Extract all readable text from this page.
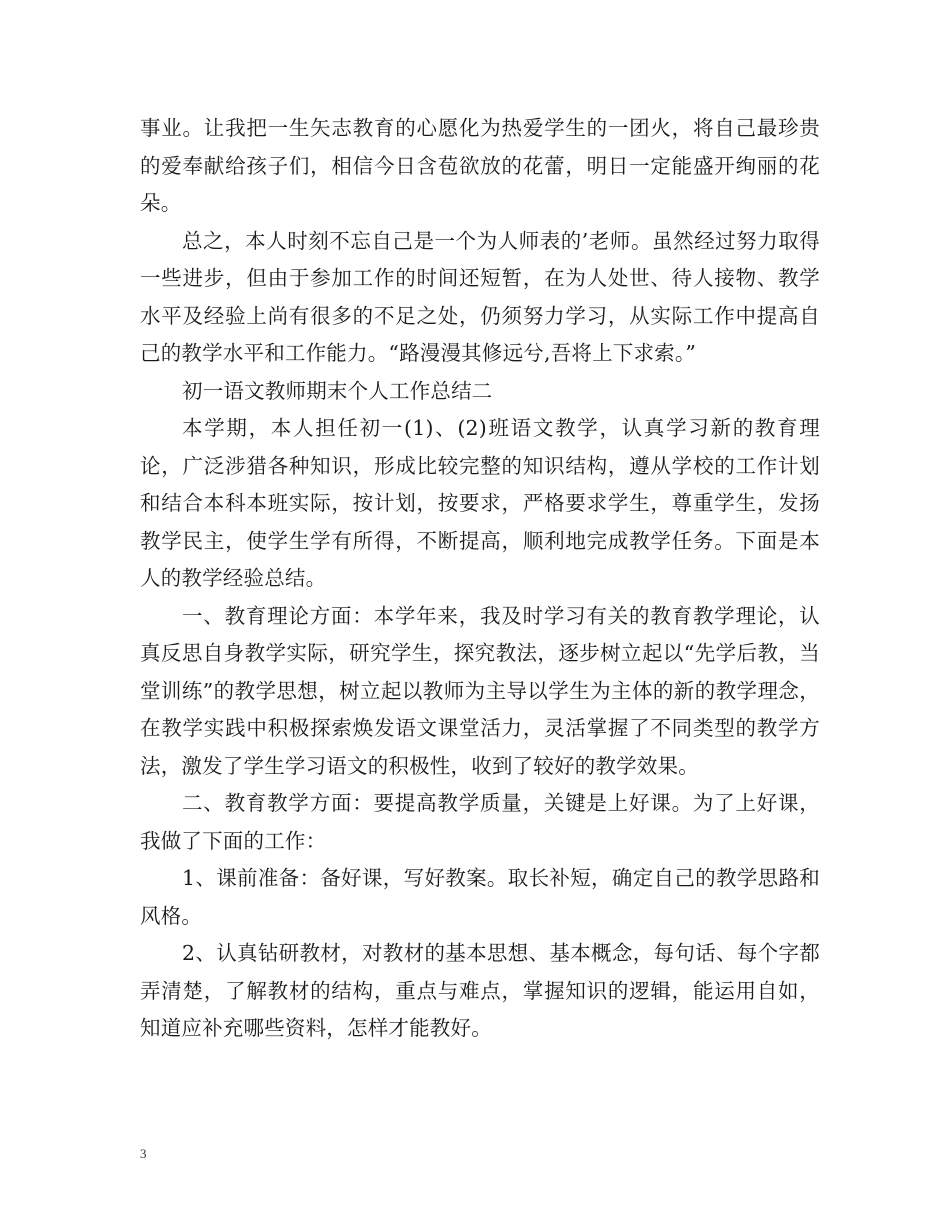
事业。让我把一生矢志教育的心愿化为热爱学生的一团火，将自己最珍贵的爱奉献给孩子们，相信今日含苞欲放的花蕾，明日一定能盛开绚丽的花朵。

总之，本人时刻不忘自己是一个为人师表的’老师。虽然经过努力取得一些进步，但由于参加工作的时间还短暂，在为人处世、待人接物、教学水平及经验上尚有很多的不足之处，仍须努力学习，从实际工作中提高自己的教学水平和工作能力。“路漫漫其修远兮,吾将上下求索。”

初一语文教师期末个人工作总结二

本学期，本人担任初一(1)、(2)班语文教学，认真学习新的教育理论，广泛涉猎各种知识，形成比较完整的知识结构，遵从学校的工作计划和结合本科本班实际，按计划，按要求，严格要求学生，尊重学生，发扬教学民主，使学生学有所得，不断提高，顺利地完成教学任务。下面是本人的教学经验总结。

一、教育理论方面：本学年来，我及时学习有关的教育教学理论，认真反思自身教学实际，研究学生，探究教法，逐步树立起以“先学后教，当堂训练”的教学思想，树立起以教师为主导以学生为主体的新的教学理念，在教学实践中积极探索焕发语文课堂活力，灵活掌握了不同类型的教学方法，激发了学生学习语文的积极性，收到了较好的教学效果。

二、教育教学方面：要提高教学质量，关键是上好课。为了上好课，我做了下面的工作：

1、课前准备：备好课，写好教案。取长补短，确定自己的教学思路和风格。

2、认真钻研教材，对教材的基本思想、基本概念，每句话、每个字都弄清楚，了解教材的结构，重点与难点，掌握知识的逻辑，能运用自如，知道应补充哪些资料，怎样才能教好。

3
